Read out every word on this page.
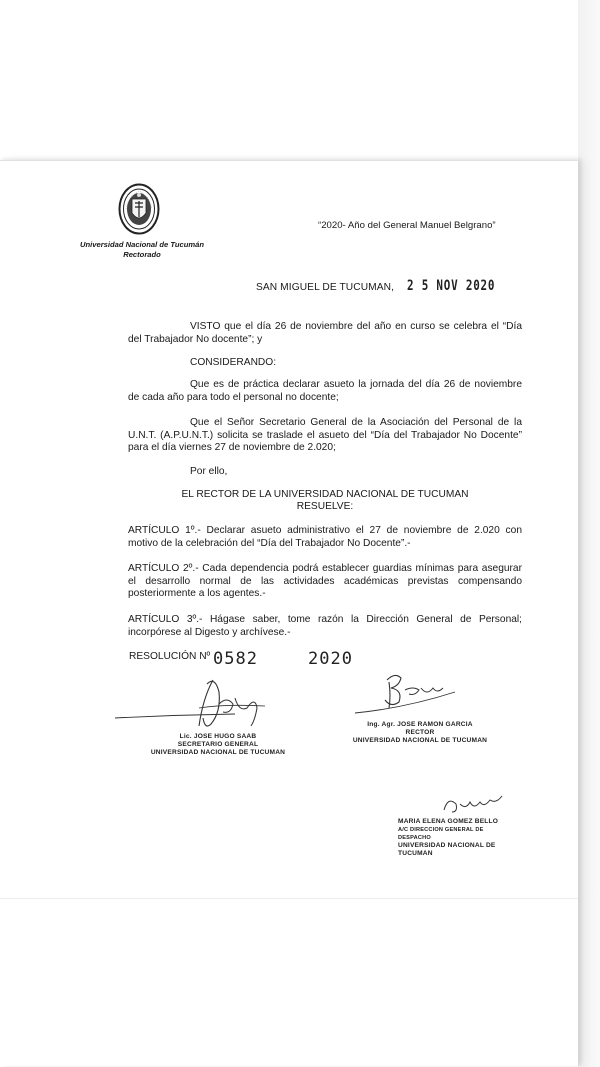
Universidad Nacional de Tucumán
Rectorado
“2020- Año del General Manuel Belgrano”
SAN MIGUEL DE TUCUMAN, 2 5 NOV 2020
VISTO que el día 26 de noviembre del año en curso se celebra el “Día del Trabajador No docente”; y
CONSIDERANDO:
Que es de práctica declarar asueto la jornada del día 26 de noviembre de cada año para todo el personal no docente;
Que el Señor Secretario General de la Asociación del Personal de la U.N.T. (A.P.U.N.T.) solicita se traslade el asueto del “Día del Trabajador No Docente” para el día viernes 27 de noviembre de 2.020;
Por ello,
EL RECTOR DE LA UNIVERSIDAD NACIONAL DE TUCUMAN
RESUELVE:
ARTÍCULO 1º.- Declarar asueto administrativo el 27 de noviembre de 2.020 con motivo de la celebración del “Día del Trabajador No Docente”.-
ARTÍCULO 2º.- Cada dependencia podrá establecer guardias mínimas para asegurar el desarrollo normal de las actividades académicas previstas compensando posteriormente a los agentes.-
ARTÍCULO 3º.- Hágase saber, tome razón la Dirección General de Personal; incorpórese al Digesto y archívese.-
RESOLUCIÓN Nº 0582	2020
Lic. JOSE HUGO SAAB
SECRETARIO GENERAL
UNIVERSIDAD NACIONAL DE TUCUMAN
Ing. Agr. JOSE RAMON GARCIA
RECTOR
UNIVERSIDAD NACIONAL DE TUCUMAN
MARIA ELENA GOMEZ BELLO
A/C DIRECCION GENERAL DE DESPACHO
UNIVERSIDAD NACIONAL DE TUCUMAN
